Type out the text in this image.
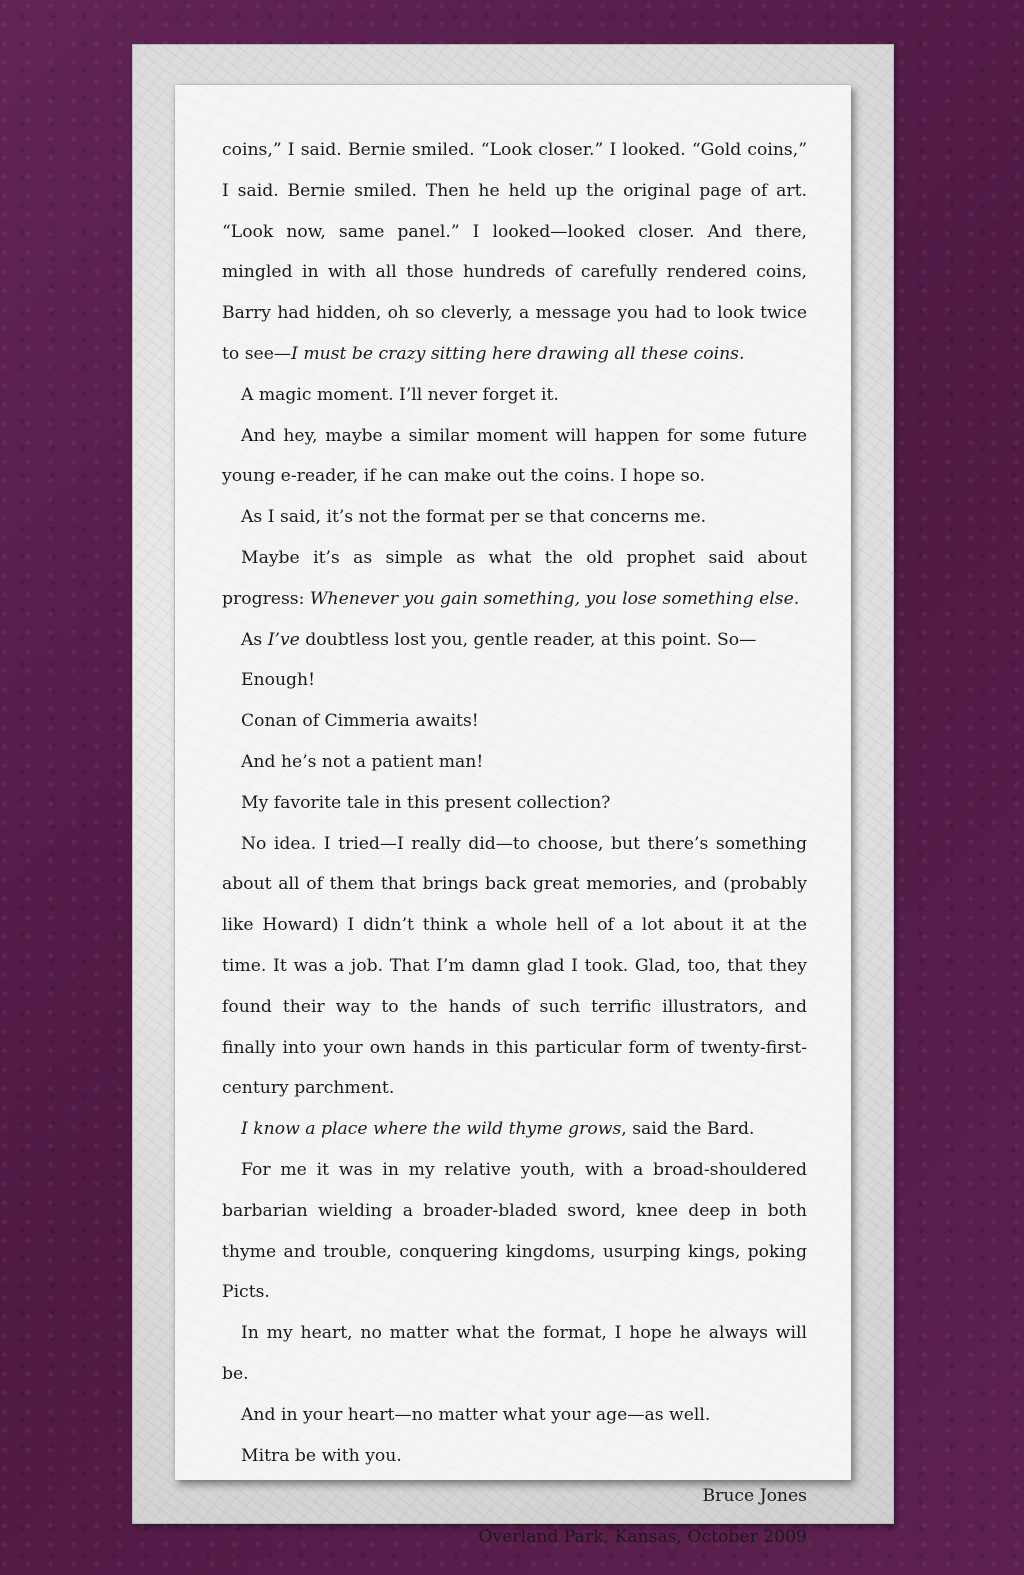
coins,” I said. Bernie smiled. “Look closer.” I looked. “Gold coins,” I said. Bernie smiled. Then he held up the original page of art. “Look now, same panel.” I looked—looked closer. And there, mingled in with all those hundreds of carefully rendered coins, Barry had hidden, oh so cleverly, a message you had to look twice to see—I must be crazy sitting here drawing all these coins.

A magic moment. I’ll never forget it.

And hey, maybe a similar moment will happen for some future young e-reader, if he can make out the coins. I hope so.

As I said, it’s not the format per se that concerns me.

Maybe it’s as simple as what the old prophet said about progress: Whenever you gain something, you lose something else.

As I’ve doubtless lost you, gentle reader, at this point. So—

Enough!

Conan of Cimmeria awaits!

And he’s not a patient man!

My favorite tale in this present collection?

No idea. I tried—I really did—to choose, but there’s something about all of them that brings back great memories, and (probably like Howard) I didn’t think a whole hell of a lot about it at the time. It was a job. That I’m damn glad I took. Glad, too, that they found their way to the hands of such terrific illustrators, and finally into your own hands in this particular form of twenty-first-century parchment.

I know a place where the wild thyme grows, said the Bard.

For me it was in my relative youth, with a broad-shouldered barbarian wielding a broader-bladed sword, knee deep in both thyme and trouble, conquering kingdoms, usurping kings, poking Picts.

In my heart, no matter what the format, I hope he always will be.

And in your heart—no matter what your age—as well.

Mitra be with you.

Bruce Jones

Overland Park, Kansas, October 2009
